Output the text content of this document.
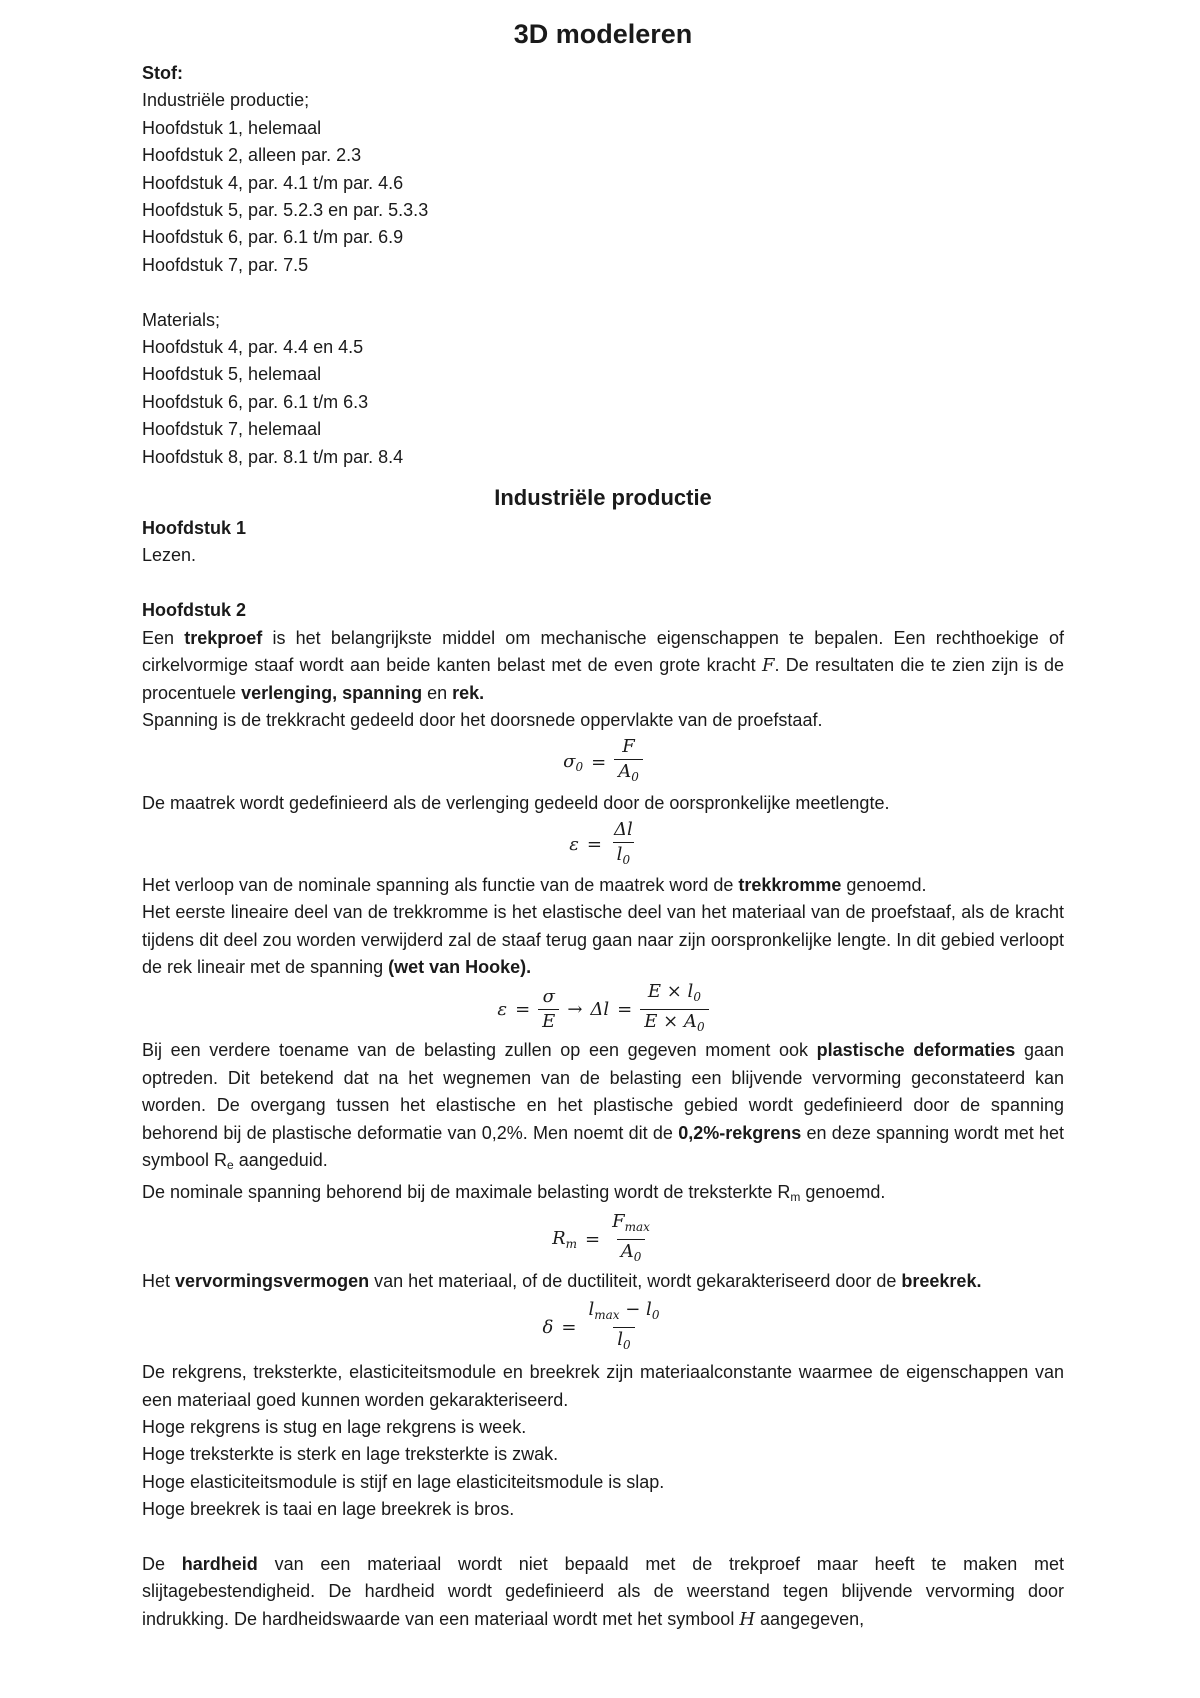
3D modeleren
Stof:
Industriële productie;
Hoofdstuk 1, helemaal
Hoofdstuk 2, alleen par. 2.3
Hoofdstuk 4, par. 4.1 t/m par. 4.6
Hoofdstuk 5, par. 5.2.3 en par. 5.3.3
Hoofdstuk 6, par. 6.1 t/m par. 6.9
Hoofdstuk 7, par. 7.5
Materials;
Hoofdstuk 4, par. 4.4 en 4.5
Hoofdstuk 5, helemaal
Hoofdstuk 6, par. 6.1 t/m 6.3
Hoofdstuk 7, helemaal
Hoofdstuk 8, par. 8.1 t/m par. 8.4
Industriële productie
Hoofdstuk 1
Lezen.
Hoofdstuk 2

Een trekproef is het belangrijkste middel om mechanische eigenschappen te bepalen. Een rechthoekige of cirkelvormige staaf wordt aan beide kanten belast met de even grote kracht F. De resultaten die te zien zijn is de procentuele verlenging, spanning en rek.

Spanning is de trekkracht gedeeld door het doorsnede oppervlakte van de proefstaaf.

$\sigma_0 = \frac{F}{A_0}$

De maatrek wordt gedefinieerd als de verlenging gedeeld door de oorspronkelijke meetlengte.

$\varepsilon = \frac{\Delta l}{l_0}$

Het verloop van de nominale spanning als functie van de maatrek word de trekkromme genoemd.

Het eerste lineaire deel van de trekkromme is het elastische deel van het materiaal van de proefstaaf, als de kracht tijdens dit deel zou worden verwijderd zal de staaf terug gaan naar zijn oorspronkelijke lengte. In dit gebied verloopt de rek lineair met de spanning (wet van Hooke).

$\varepsilon = \frac{\sigma}{E} \to \Delta l = \frac{E \times l_0}{E \times A_0}$

Bij een verdere toename van de belasting zullen op een gegeven moment ook plastische deformaties gaan optreden. Dit betekend dat na het wegnemen van de belasting een blijvende vervorming geconstateerd kan worden. De overgang tussen het elastische en het plastische gebied wordt gedefinieerd door de spanning behorend bij de plastische deformatie van 0,2%. Men noemt dit de 0,2%-rekgrens en deze spanning wordt met het symbool Re aangeduid.

De nominale spanning behorend bij de maximale belasting wordt de treksterkte Rm genoemd.

$R_m = \frac{F_{max}}{A_0}$

Het vervormingsvermogen van het materiaal, of de ductiliteit, wordt gekarakteriseerd door de breekrek.

$\delta = \frac{l_{max} - l_0}{l_0}$

De rekgrens, treksterkte, elasticiteitsmodule en breekrek zijn materiaalconstante waarmee de eigenschappen van een materiaal goed kunnen worden gekarakteriseerd.

Hoge rekgrens is stug en lage rekgrens is week.
Hoge treksterkte is sterk en lage treksterkte is zwak.
Hoge elasticiteitsmodule is stijf en lage elasticiteitsmodule is slap.
Hoge breekrek is taai en lage breekrek is bros.

De hardheid van een materiaal wordt niet bepaald met de trekproef maar heeft te maken met slijtagebestendigheid. De hardheid wordt gedefinieerd als de weerstand tegen blijvende vervorming door indrukking. De hardheidswaarde van een materiaal wordt met het symbool H aangegeven,
